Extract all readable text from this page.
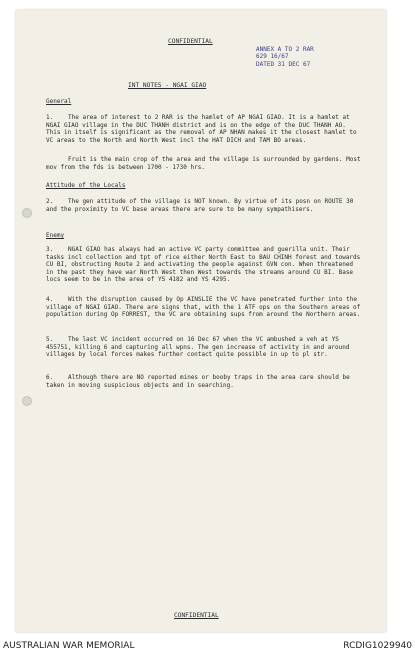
CONFIDENTIAL
ANNEX A TO 2 RAR
629 16/67
DATED 31 DEC 67
INT NOTES - NGAI GIAO
General
1.	The area of interest to 2 RAR is the hamlet of AP NGAI GIAO. It is a hamlet at NGAI GIAO village in the DUC THANH district and is on the edge of the DUC THANH AO. This in itself is significant as the removal of AP NHAN makes it the closest hamlet to VC areas to the North and North West incl the HAT DICH and TAM BO areas.
Fruit is the main crop of the area and the village is surrounded by gardens. Most mov from the fds is between 1700 - 1730 hrs.
Attitude of the Locals
2.	The gen attitude of the village is NOT known. By virtue of its posn on ROUTE 30 and the proximity to VC base areas there are sure to be many sympathisers.
Enemy
3.	NGAI GIAO has always had an active VC party committee and guerilla unit. Their tasks incl collection and tpt of rice either North East to BAU CHINH forest and towards CU BI, obstructing Route 2 and activating the people against GVN con. When threatened in the past they have war North West then West towards the streams around CU BI. Base locs seem to be in the area of YS 4182 and YS 4295.
4.	With the disruption caused by Op AINSLIE the VC have penetrated further into the village of NGAI GIAO. There are signs that, with the 1 ATF ops on the Southern areas of population during Op FORREST, the VC are obtaining sups from around the Northern areas.
5.	The last VC incident occurred on 16 Dec 67 when the VC ambushed a veh at YS 455751, killing 6 and capturing all wpns. The gen increase of activity in and around villages by local forces makes further contact quite possible in up to pl str.
6.	Although there are NO reported mines or booby traps in the area care should be taken in moving suspicious objects and in searching.
CONFIDENTIAL
AUSTRALIAN WAR MEMORIAL	RCDIG1029940
